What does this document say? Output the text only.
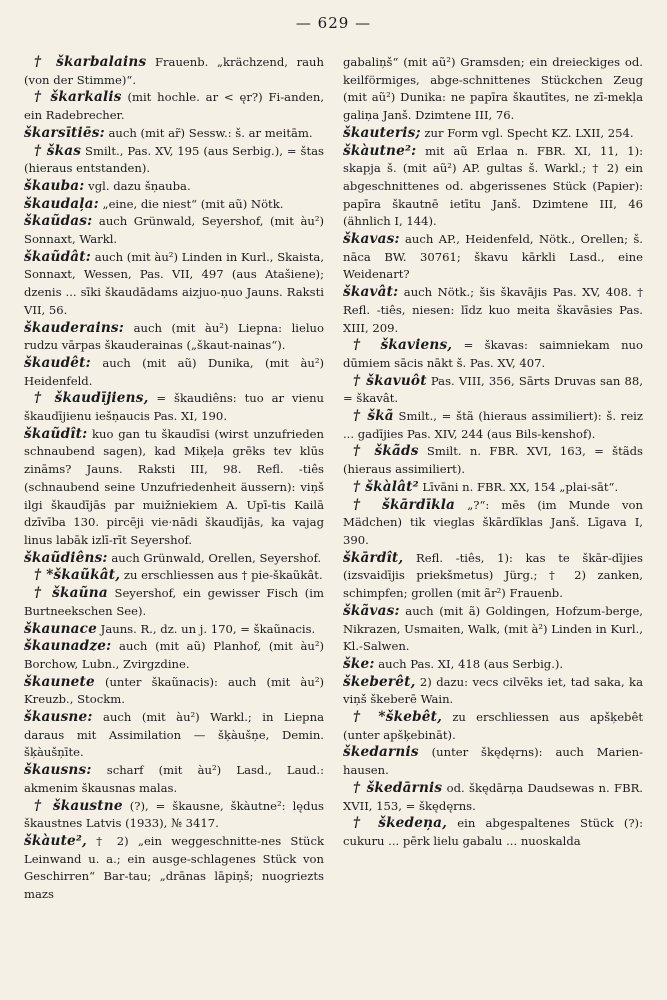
— 629 —

† škarbalains Frauenb. „krächzend, rauh (von der Stimme)“.

† škarkalis (mit hochle. ar < ęr?) Fi-anden, ein Radebrecher.

škarsītiēs: auch (mit ar̃) Sessw.: š. ar meitām.

† škas Smilt., Pas. XV, 195 (aus Serbig.), = štas (hieraus entstanden).

škauba: vgl. dazu šņauba.

škaudaļa: „eine, die niest“ (mit aũ) Nötk.

škaũdas: auch Grünwald, Seyershof, (mit àu²) Sonnaxt, Warkl.

škaũdât: auch (mit àu²) Linden in Kurl., Skaista, Sonnaxt, Wessen, Pas. VII, 497 (aus Atašiene); dzenis ... sīki škaudādams aizjuo-ņuo Jauns. Raksti VII, 56.

škauderains: auch (mit àu²) Liepna: lieluo rudzu vārpas škauderainas („škaut-nainas“).

škaudêt: auch (mit aũ) Dunika, (mit àu²) Heidenfeld.

† škaudījiens, = škaudiêns: tuo ar vienu škaudījienu iešņaucis Pas. XI, 190.

škaũdît: kuo gan tu škaudīsi (wirst unzufrieden schnaubend sagen), kad Miķeļa grēks tev klūs zināms? Jauns. Raksti III, 98. Refl. -tiês (schnaubend seine Unzufriedenheit äussern): viņš ilgi škaudījās par muižniekiem A. Upī-tis Kailā dzīvība 130. pircēji vie·nādi škaudījās, ka vajag linus labāk izlī-rīt Seyershof.

škaũdiêns: auch Grünwald, Orellen, Seyershof.

† *škaũkât, zu erschliessen aus † pie-škaũkât.

† škaũna Seyershof, ein gewisser Fisch (im Burtneekschen See).

škaunace Jauns. R., dz. un j. 170, = škaũnacis.

škaunadze: auch (mit aũ) Planhof, (mit àu²) Borchow, Lubn., Zvirgzdine.

škaunete (unter škaũnacis): auch (mit àu²) Kreuzb., Stockm.

škausne: auch (mit àu²) Warkl.; in Liepna daraus mit Assimilation — šķàušņe, Demin. šķàušņīte.

škausns: scharf (mit àu²) Lasd., Laud.: akmenim škausnas malas.

† škaustne (?), = škausne, škàutne²: lędus škaustnes Latvis (1933), № 3417.

škàute², † 2) „ein weggeschnitte-nes Stück Leinwand u. a.; ein ausge-schlagenes Stück von Geschirren“ Bar-tau; „drānas lāpiņš; nuogriezts mazs

gabaliņš“ (mit aũ²) Gramsden; ein dreieckiges od. keilförmiges, abge-schnittenes Stückchen Zeug (mit aũ²) Dunika: ne papīra škautītes, ne zī-mekļa galiņa Janš. Dzimtene III, 76.

škauteris; zur Form vgl. Specht KZ. LXII, 254.

škàutne²: mit aũ Erlaa n. FBR. XI, 11, 1): skapja š. (mit aũ²) AP. gultas š. Warkl.; † 2) ein abgeschnittenes od. abgerissenes Stück (Papier): papīra škautnē ietītu Janš. Dzimtene III, 46 (ähnlich I, 144).

škavas: auch AP., Heidenfeld, Nötk., Orellen; š. nāca BW. 30761; škavu kārkli Lasd., eine Weidenart?

škavât: auch Nötk.; šis škavājis Pas. XV, 408. † Refl. -tiês, niesen: līdz kuo meita škavāsies Pas. XIII, 209.

† škaviens, = škavas: saimniekam nuo dūmiem sācis nākt š. Pas. XV, 407.

† škavuôt Pas. VIII, 356, Sārts Druvas san 88, = škavât.

† škã Smilt., = štã (hieraus assimiliert): š. reiz ... gadījies Pas. XIV, 244 (aus Bils-kenshof).

† škãds Smilt. n. FBR. XVI, 163, = štãds (hieraus assimiliert).

† škàlât² Līvāni n. FBR. XX, 154 „plai-sāt“.

† škārdīkla „?“: mēs (im Munde von Mädchen) tik vieglas škārdīklas Janš. Līgava I, 390.

škārdît, Refl. -tiês, 1): kas te škār-dījies (izsvaidījis priekšmetus) Jürg.; † 2) zanken, schimpfen; grollen (mit ãr²) Frauenb.

škãvas: auch (mit ã) Goldingen, Hofzum-berge, Nikrazen, Usmaiten, Walk, (mit à²) Linden in Kurl., Kl.-Salwen.

ške: auch Pas. XI, 418 (aus Serbig.).

škeberêt, 2) dazu: vecs cilvēks iet, tad saka, ka viņš škeberē Wain.

† *škebêt, zu erschliessen aus apšķebêt (unter apšķebināt).

škedarnis (unter škędęrns): auch Marien-hausen.

† škedārnis od. škędārņa Daudsewas n. FBR. XVII, 153, = škędęrns.

† škedeņa, ein abgespaltenes Stück (?): cukuru ... pērk lielu gabalu ... nuoskalda
